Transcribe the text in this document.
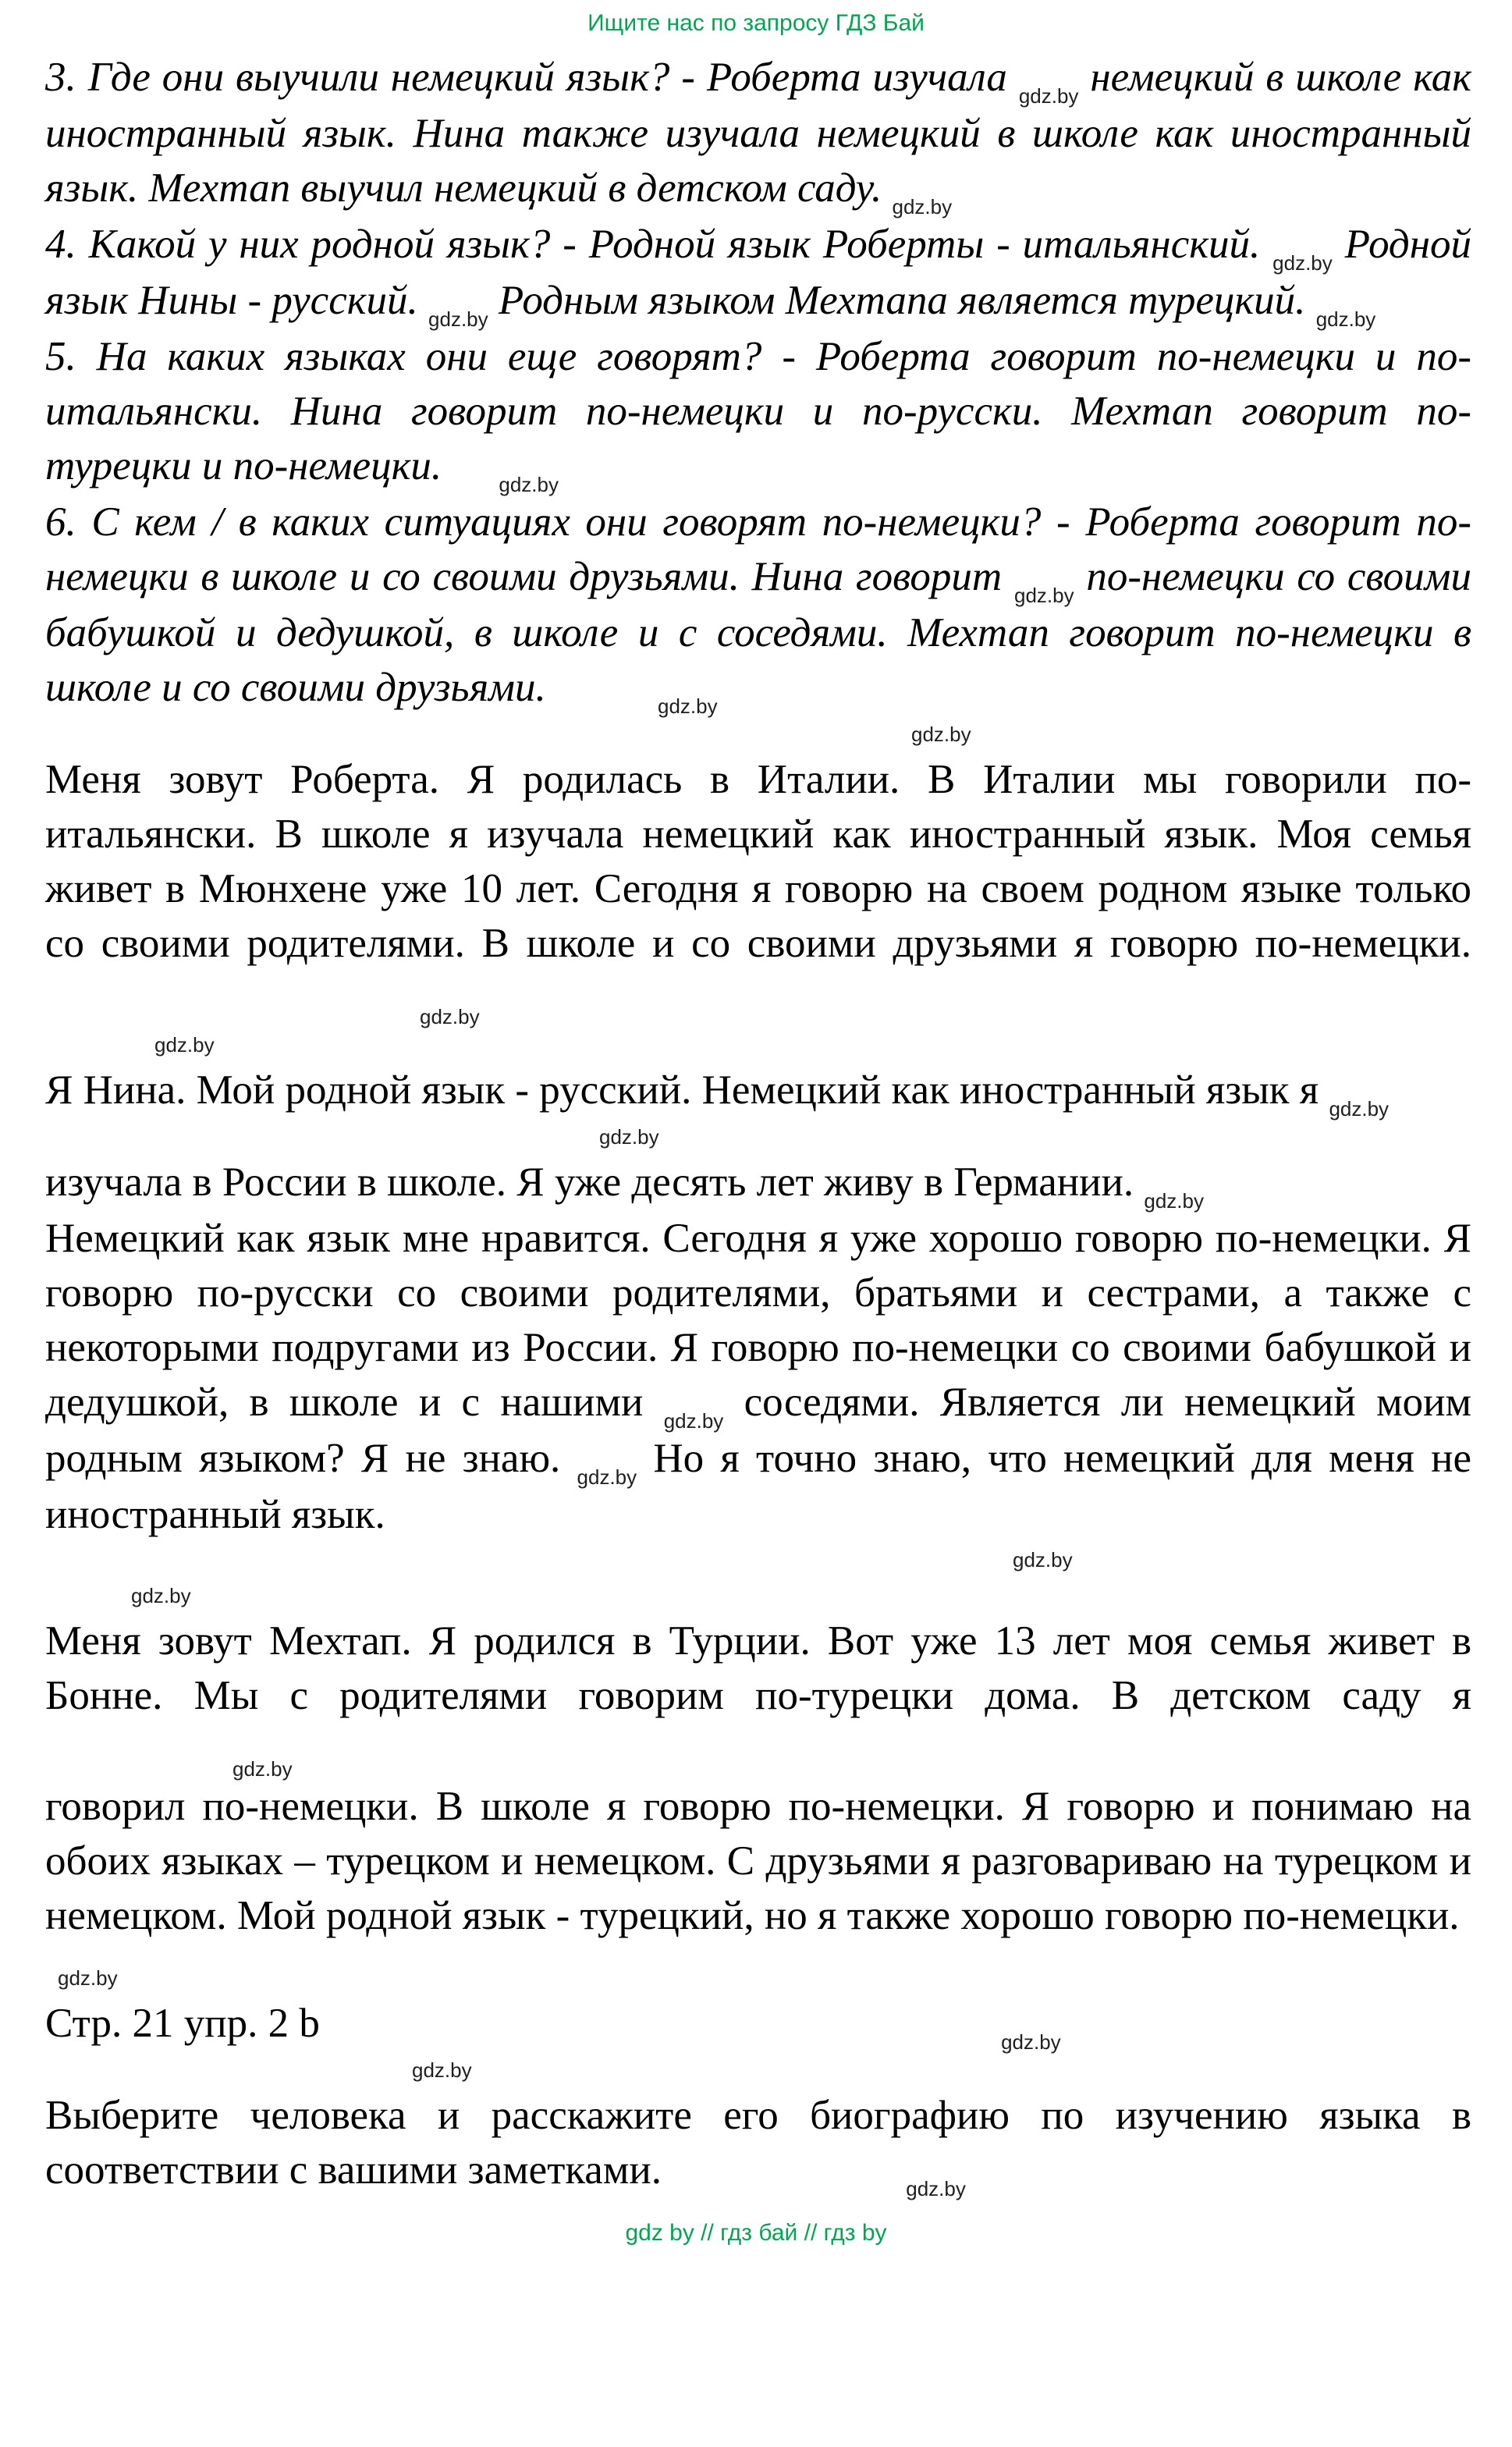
Ищите нас по запросу ГДЗ Бай

3. Где они выучили немецкий язык? - Роберта изучала $_{gdz.by}$ немецкий в школе как иностранный язык. Нина также изучала немецкий в школе как иностранный язык. Мехтап выучил немецкий в детском саду. $_{gdz.by}$

4. Какой у них родной язык? - Родной язык Роберты - итальянский. $_{gdz.by}$ Родной язык Нины - русский. $_{gdz.by}$ Родным языком Мехтапа является турецкий. $_{gdz.by}$

5. На каких языках они еще говорят? - Роберта говорит по-немецки и по-итальянски. Нина говорит по-немецки и по-русски. Мехтап говорит по-турецки и по-немецки.	$_{gdz.by}$

6. С кем / в каких ситуациях они говорят по-немецки? - Роберта говорит по-немецки в школе и со своими друзьями. Нина говорит $_{gdz.by}$ по-немецки со своими бабушкой и дедушкой, в школе и с соседями. Мехтап говорит по-немецки в школе и со своими друзьями.	$_{gdz.by}$

gdz.by

Меня зовут Роберта. Я родилась в Италии. В Италии мы говорили по-итальянски. В школе я изучала немецкий как иностранный язык. Моя семья живет в Мюнхене уже 10 лет. Сегодня я говорю на своем родном языке только со своими родителями. В школе и со своими друзьями я говорю по-немецки. $_{gdz.by}$

gdz.by

Я Нина. Мой родной язык - русский. Немецкий как иностранный язык я $_{gdz.by}$

gdz.by

изучала в России в школе. Я уже десять лет живу в Германии. $_{gdz.by}$

Немецкий как язык мне нравится. Сегодня я уже хорошо говорю по-немецки. Я говорю по-русски со своими родителями, братьями и сестрами, а также с некоторыми подругами из России. Я говорю по-немецки со своими бабушкой и дедушкой, в школе и с нашими $_{gdz.by}$ соседями. Является ли немецкий моим родным языком? Я не знаю. $_{gdz.by}$ Но я точно знаю, что немецкий для меня не иностранный язык.

gdz.by
gdz.by

Меня зовут Мехтап. Я родился в Турции. Вот уже 13 лет моя семья живет в Бонне. Мы с родителями говорим по-турецки дома. В детском саду я $_{gdz.by}$

говорил по-немецки. В школе я говорю по-немецки. Я говорю и понимаю на обоих языках – турецком и немецком. С друзьями я разговариваю на турецком и немецком. Мой родной язык - турецкий, но я также хорошо говорю по-немецки.

gdz.by

Стр. 21 упр. 2 b	$_{gdz.by}$

gdz.by

Выберите человека и расскажите его биографию по изучению языка в соответствии с вашими заметками.	$_{gdz.by}$

gdz by // гдз бай // гдз by
